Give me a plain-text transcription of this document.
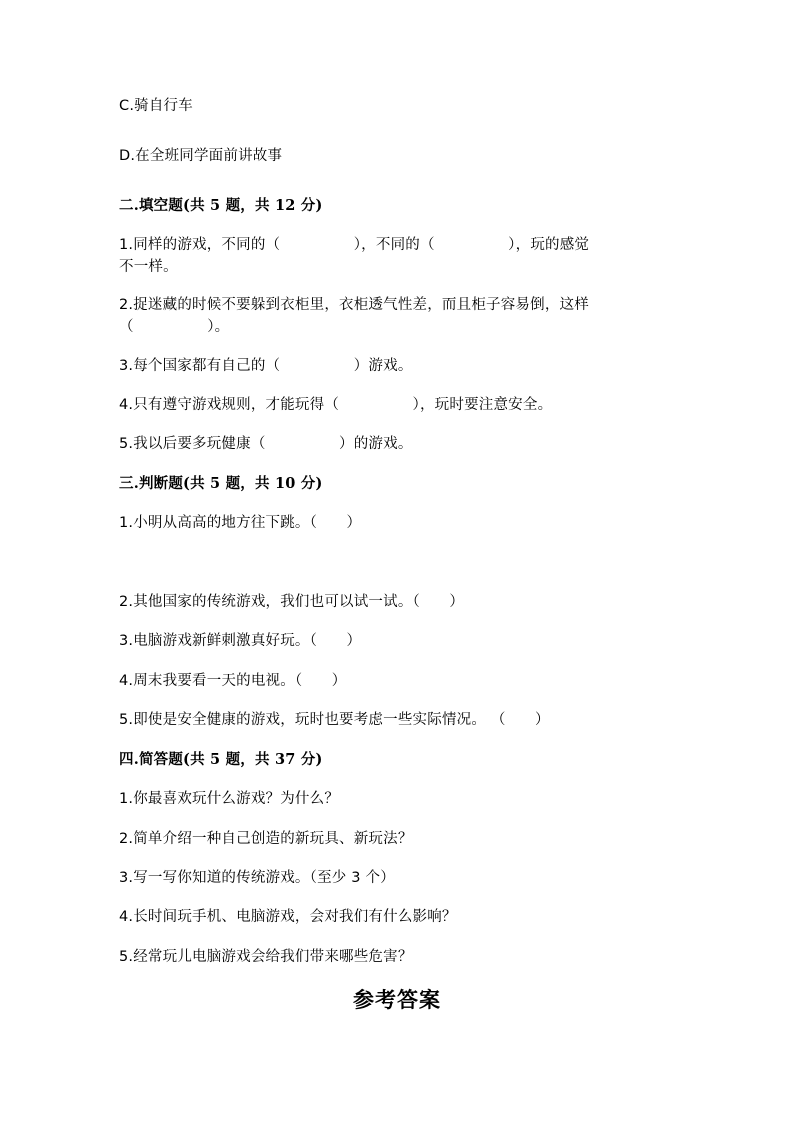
C.骑自行车
D.在全班同学面前讲故事
二.填空题(共 5 题，共 12 分)
1.同样的游戏，不同的（　　　　　），不同的（　　　　　），玩的感觉
不一样。
2.捉迷藏的时候不要躲到衣柜里，衣柜透气性差，而且柜子容易倒，这样
（　　　　　）。
3.每个国家都有自己的（　　　　　）游戏。
4.只有遵守游戏规则，才能玩得（　　　　　），玩时要注意安全。
5.我以后要多玩健康（　　　　　）的游戏。
三.判断题(共 5 题，共 10 分)
1.小明从高高的地方往下跳。（　　）
2.其他国家的传统游戏，我们也可以试一试。（　　）
3.电脑游戏新鲜刺激真好玩。（　　）
4.周末我要看一天的电视。（　　）
5.即使是安全健康的游戏，玩时也要考虑一些实际情况。 （　　）
四.简答题(共 5 题，共 37 分)
1.你最喜欢玩什么游戏？为什么？
2.简单介绍一种自己创造的新玩具、新玩法？
3.写一写你知道的传统游戏。（至少 3 个）
4.长时间玩手机、电脑游戏，会对我们有什么影响？
5.经常玩儿电脑游戏会给我们带来哪些危害？
参考答案
